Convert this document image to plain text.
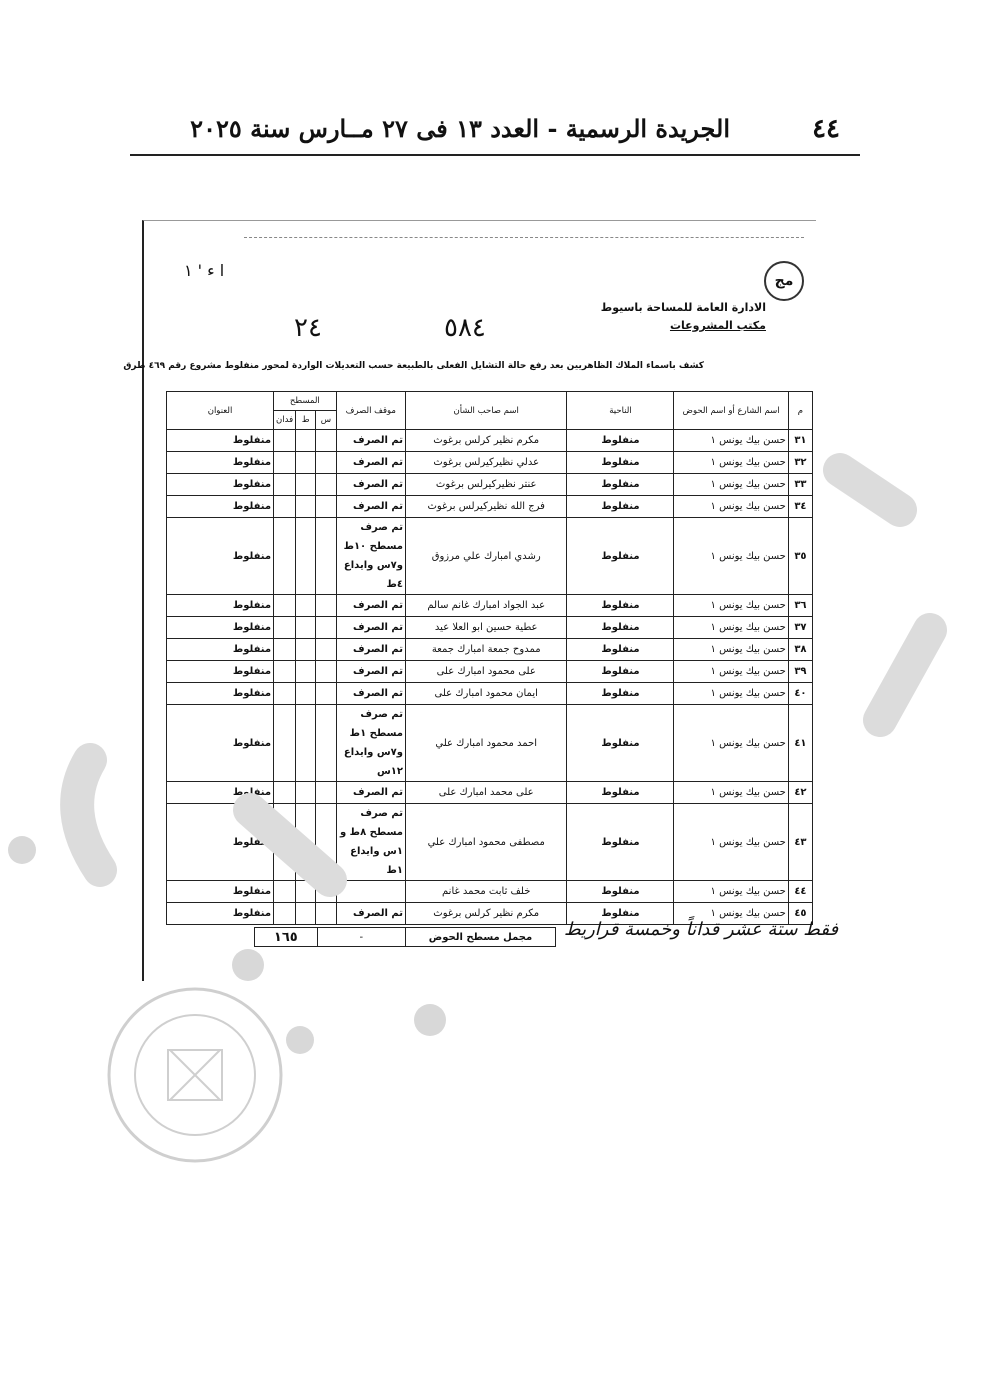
٤٤
الجريدة الرسمية - العدد ١٣ فى ٢٧ مــارس سنة ٢٠٢٥
ا ء ' ١
مج
الادارة العامة للمساحة باسيوط
مكتب المشروعات
٥٨٤
٢٤
كشف باسماء الملاك الظاهريين بعد رفع حالة التشايل الفعلى بالطبيعة حسب التعديلات الواردة لمحور منفلوط مشروع رقم ٤٦٩ طرق
م	اسم الشارع أو اسم الحوض	الناحية	اسم صاحب الشأن	موقف الصرف	المسطح			العنوان
					س	ط	فدان	
٣١	حسن بيك يونس ١	منفلوط	مكرم نظير كرلس برغوث	تم الصرف				منفلوط
٣٢	حسن بيك يونس ١	منفلوط	عدلي نظيركيرلس برغوث	تم الصرف				منفلوط
٣٣	حسن بيك يونس ١	منفلوط	عنتر نظيركيرلس برغوث	تم الصرف				منفلوط
٣٤	حسن بيك يونس ١	منفلوط	فرج الله نظيركيرلس برغوث	تم الصرف				منفلوط
٣٥	حسن بيك يونس ١	منفلوط	رشدي امبارك علي مرزوق	تم صرف مسطح ١٠ط و٧س وايداع ٤ط				منفلوط
٣٦	حسن بيك يونس ١	منفلوط	عبد الجواد امبارك غانم سالم	تم الصرف				منفلوط
٣٧	حسن بيك يونس ١	منفلوط	عطية حسين ابو العلا عيد	تم الصرف				منفلوط
٣٨	حسن بيك يونس ١	منفلوط	ممدوح جمعة امبارك جمعة	تم الصرف				منفلوط
٣٩	حسن بيك يونس ١	منفلوط	على محمود امبارك على	تم الصرف				منفلوط
٤٠	حسن بيك يونس ١	منفلوط	ايمان محمود امبارك على	تم الصرف				منفلوط
٤١	حسن بيك يونس ١	منفلوط	احمد محمود امبارك علي	تم صرف مسطح ١ط و٧س وايداع ١٢س				منفلوط
٤٢	حسن بيك يونس ١	منفلوط	على محمد امبارك على	تم الصرف				منفلوط
٤٣	حسن بيك يونس ١	منفلوط	مصطفى محمود امبارك علي	تم صرف مسطح ٨ط و ١س وايداع ١ط				منفلوط
٤٤	حسن بيك يونس ١	منفلوط	خلف ثابت محمد غانم					منفلوط
٤٥	حسن بيك يونس ١	منفلوط	مكرم نظير كرلس برغوث	تم الصرف				منفلوط
١٦٥	-	مجمل مسطح الحوض	فقط ستة عشر قداناً وخمسة قراريط
